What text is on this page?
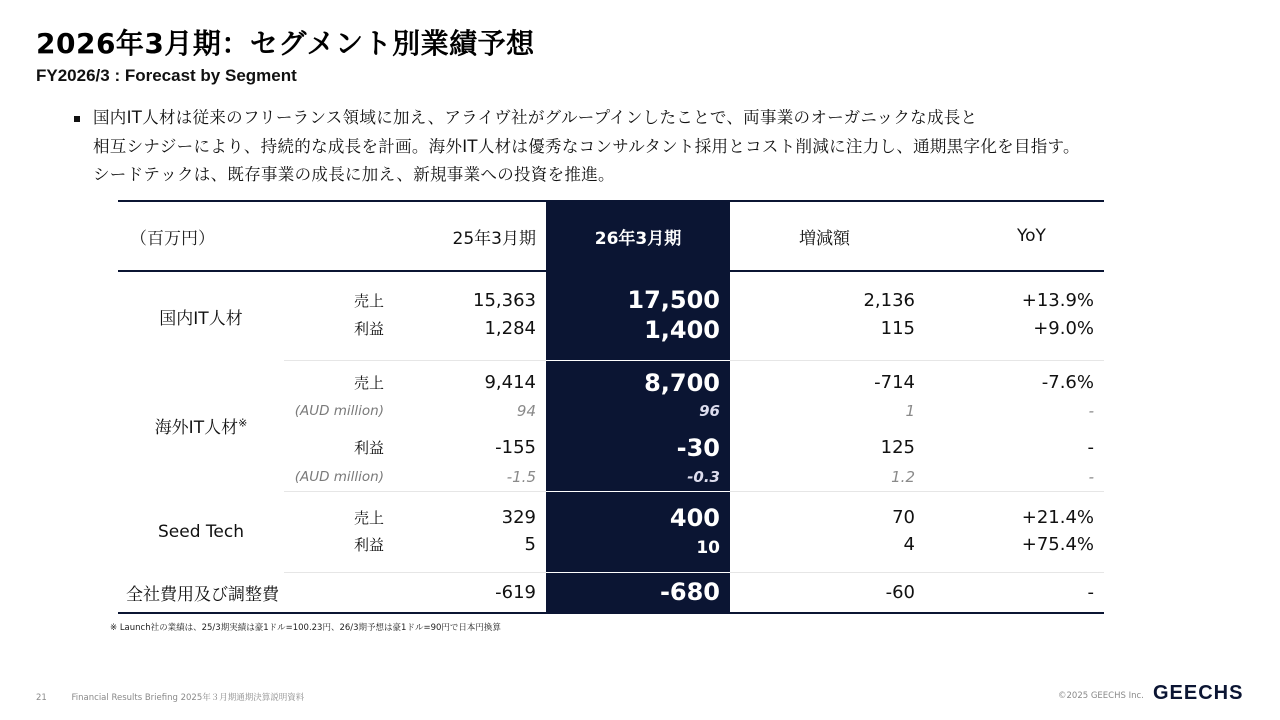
2026年3月期：セグメント別業績予想
FY2026/3 : Forecast by Segment
国内IT人材は従来のフリーランス領域に加え、アライヴ社がグループインしたことで、両事業のオーガニックな成長と
相互シナジーにより、持続的な成長を計画。海外IT人材は優秀なコンサルタント採用とコスト削減に注力し、通期黒字化を目指す。
シードテックは、既存事業の成長に加え、新規事業への投資を推進。
（百万円）		25年3月期	26年3月期	増減額	YoY
国内IT人材	売上	15,363	17,500	2,136	+13.9%
	利益	1,284	1,400	115	+9.0%
海外IT人材※	売上	9,414	8,700	-714	-7.6%
	(AUD million)	94	96	1	-
	利益	-155	-30	125	-
	(AUD million)	-1.5	-0.3	1.2	-
Seed Tech	売上	329	400	70	+21.4%
	利益	5	10	4	+75.4%
全社費用及び調整費		-619	-680	-60	-
※ Launch社の業績は、25/3期実績は豪1ドル=100.23円、26/3期予想は豪1ドル=90円で日本円換算
21	Financial Results Briefing 2025年３月期通期決算説明資料	©2025 GEECHS Inc. GEECHS
